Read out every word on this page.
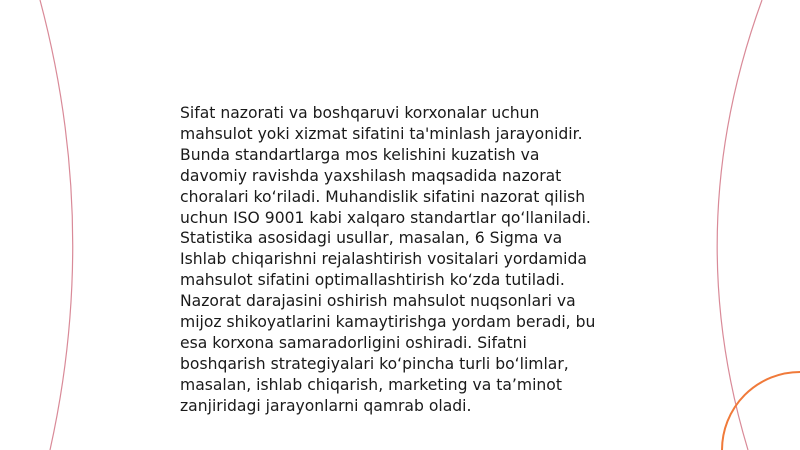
Sifat nazorati va boshqaruvi korxonalar uchun
mahsulot yoki xizmat sifatini ta'minlash jarayonidir.
Bunda standartlarga mos kelishini kuzatish va
davomiy ravishda yaxshilash maqsadida nazorat
choralari ko‘riladi. Muhandislik sifatini nazorat qilish
uchun ISO 9001 kabi xalqaro standartlar qo‘llaniladi.
Statistika asosidagi usullar, masalan, 6 Sigma va
Ishlab chiqarishni rejalashtirish vositalari yordamida
mahsulot sifatini optimallashtirish ko‘zda tutiladi.
Nazorat darajasini oshirish mahsulot nuqsonlari va
mijoz shikoyatlarini kamaytirishga yordam beradi, bu
esa korxona samaradorligini oshiradi. Sifatni
boshqarish strategiyalari ko‘pincha turli bo‘limlar,
masalan, ishlab chiqarish, marketing va ta’minot
zanjiridagi jarayonlarni qamrab oladi.
